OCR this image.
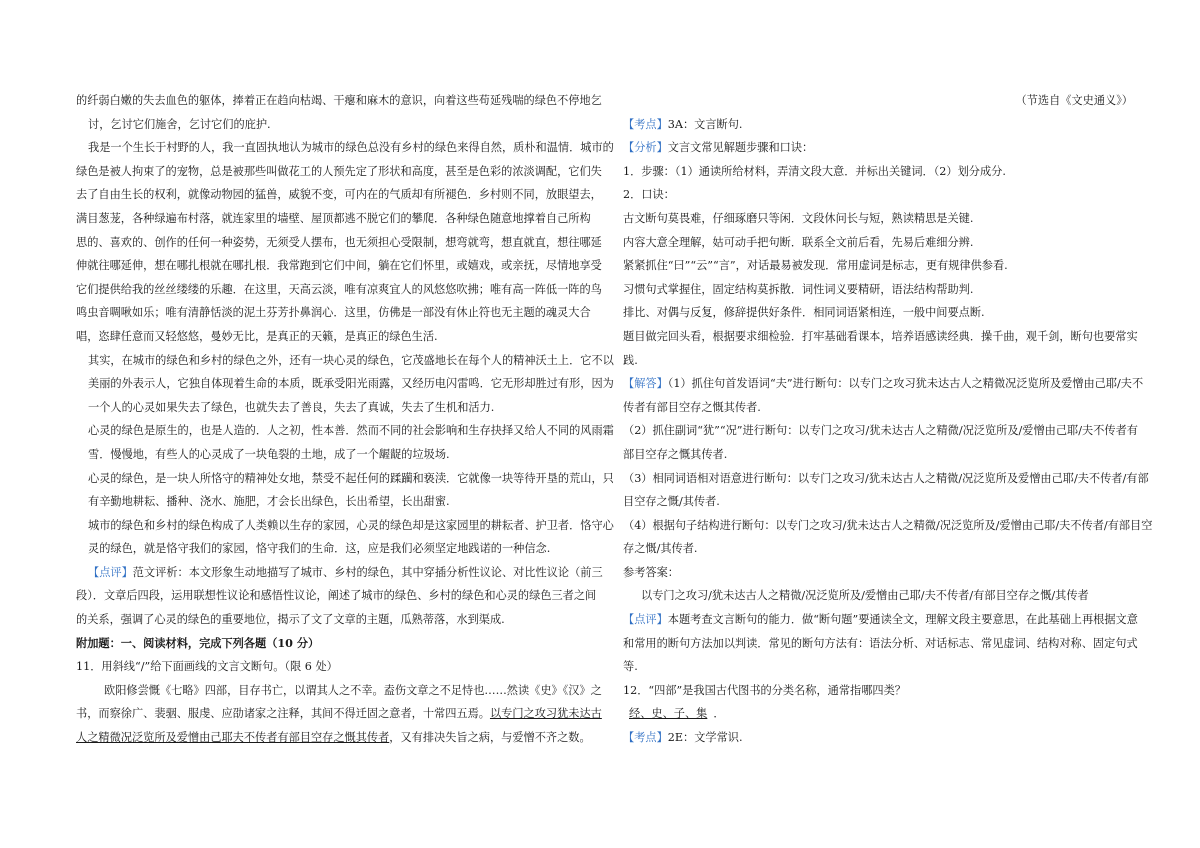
的纤弱白嫩的失去血色的躯体，捧着正在趋向枯竭、干瘪和麻木的意识，向着这些苟延残喘的绿色不停地乞
讨，乞讨它们施舍，乞讨它们的庇护.
我是一个生长于村野的人，我一直固执地认为城市的绿色总没有乡村的绿色来得自然，质朴和温情．城市的
绿色是被人拘束了的宠物，总是被那些叫做花工的人预先定了形状和高度，甚至是色彩的浓淡调配，它们失
去了自由生长的权利，就像动物园的猛兽，威貌不变，可内在的气质却有所褪色．乡村则不同，放眼望去，
满目葱茏，各种绿遍布村落，就连家里的墙壁、屋顶都逃不脱它们的攀爬．各种绿色随意地撑着自己所构
思的、喜欢的、创作的任何一种姿势，无须受人摆布，也无须担心受限制，想弯就弯，想直就直，想往哪延
伸就往哪延伸，想在哪扎根就在哪扎根．我常跑到它们中间，躺在它们怀里，或嬉戏，或亲抚，尽情地享受
它们提供给我的丝丝缕缕的乐趣．在这里，天高云淡，唯有凉爽宜人的风悠悠吹拂；唯有高一阵低一阵的鸟
鸣虫音啁啾如乐；唯有清静恬淡的泥土芬芳扑鼻润心．这里，仿佛是一部没有休止符也无主题的魂灵大合
唱，恣肆任意而又轻悠悠，曼妙无比，是真正的天籁，是真正的绿色生活.
其实，在城市的绿色和乡村的绿色之外，还有一块心灵的绿色，它茂盛地长在每个人的精神沃土上．它不以
美丽的外表示人，它独自体现着生命的本质，既承受阳光雨露，又经历电闪雷鸣．它无形却胜过有形，因为
一个人的心灵如果失去了绿色，也就失去了善良，失去了真诚，失去了生机和活力.
心灵的绿色是原生的，也是人造的．人之初，性本善．然而不同的社会影响和生存抉择又给人不同的风雨霜
雪．慢慢地，有些人的心灵成了一块龟裂的土地，成了一个龌龊的垃圾场.
心灵的绿色，是一块人所恪守的精神处女地，禁受不起任何的蹂躏和亵渎．它就像一块等待开垦的荒山，只
有辛勤地耕耘、播种、浇水、施肥，才会长出绿色，长出希望，长出甜蜜.
城市的绿色和乡村的绿色构成了人类赖以生存的家园，心灵的绿色却是这家园里的耕耘者、护卫者．恪守心
灵的绿色，就是恪守我们的家园，恪守我们的生命．这，应是我们必须坚定地践诺的一种信念.
【点评】范文评析：本文形象生动地描写了城市、乡村的绿色，其中穿插分析性议论、对比性议论（前三
段）．文章后四段，运用联想性议论和感悟性议论，阐述了城市的绿色、乡村的绿色和心灵的绿色三者之间
的关系，强调了心灵的绿色的重要地位，揭示了文了文章的主题，瓜熟蒂落，水到渠成.
附加题：一、阅读材料，完成下列各题（10 分）
11．用斜线“/”给下面画线的文言文断句。（限 6 处）
欧阳修尝慨《七略》四部，目存书亡，以谓其人之不幸。盍伤文章之不足恃也……然读《史》《汉》之
书，而察徐广、裴骃、服虔、应劭诸家之注释，其间不得迁固之意者，十常四五焉。以专门之攻习犹未达古
人之精微况泛览所及爱憎由己耶夫不传者有部目空存之慨其传者，又有排决失旨之病，与爱憎不齐之数。
（节选自《文史通义》）
【考点】3A：文言断句.
【分析】文言文常见解题步骤和口诀：
1．步骤：（1）通读所给材料，弄清文段大意．并标出关键词．（2）划分成分.
2．口诀：
古文断句莫畏难，仔细琢磨只等闲．文段休问长与短，熟读精思是关键.
内容大意全理解，姑可动手把句断．联系全文前后看，先易后难细分辨.
紧紧抓住“曰”“云”“言”，对话最易被发现．常用虚词是标志，更有规律供参看.
习惯句式掌握住，固定结构莫拆散．词性词义要精研，语法结构帮助判.
排比、对偶与反复，修辞提供好条件．相同词语紧相连，一般中间要点断.
题目做完回头看，根据要求细检验．打牢基础看课本，培养语感读经典．操千曲，观千剑，断句也要常实
践.
【解答】（1）抓住句首发语词“夫”进行断句：以专门之攻习犹未达古人之精微况泛览所及爱憎由己耶/夫不
传者有部目空存之慨其传者.
（2）抓住副词“犹”“况”进行断句：以专门之攻习/犹未达古人之精微/况泛览所及/爱憎由己耶/夫不传者有
部目空存之慨其传者.
（3）相同词语相对语意进行断句：以专门之攻习/犹未达古人之精微/况泛览所及爱憎由己耶/夫不传者/有部
目空存之慨/其传者.
（4）根据句子结构进行断句：以专门之攻习/犹未达古人之精微/况泛览所及/爱憎由己耶/夫不传者/有部目空
存之慨/其传者.
参考答案：
以专门之攻习/犹未达古人之精微/况泛览所及/爱憎由己耶/夫不传者/有部目空存之慨/其传者
【点评】本题考查文言断句的能力．做“断句题”要通读全文，理解文段主要意思，在此基础上再根据文意
和常用的断句方法加以判读．常见的断句方法有：语法分析、对话标志、常见虚词、结构对称、固定句式
等.
12．“四部”是我国古代图书的分类名称，通常指哪四类？
经、史、子、集 ．
【考点】2E：文学常识.
